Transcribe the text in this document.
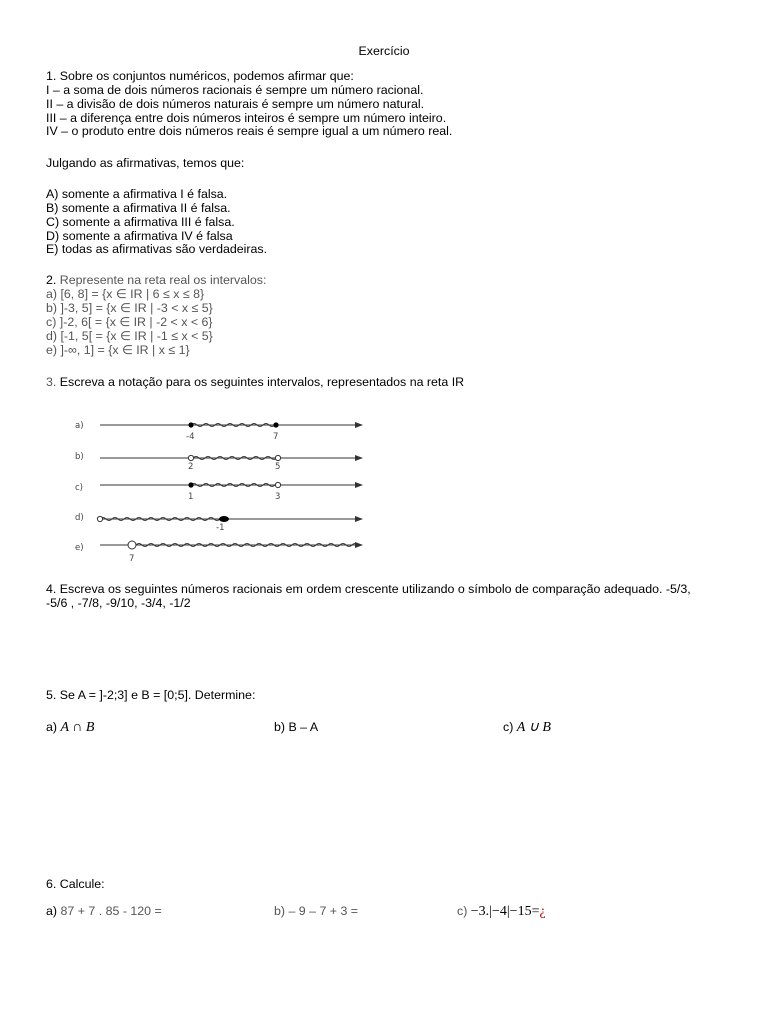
Exercício
1. Sobre os conjuntos numéricos, podemos afirmar que:
I – a soma de dois números racionais é sempre um número racional.
II – a divisão de dois números naturais é sempre um número natural.
III – a diferença entre dois números inteiros é sempre um número inteiro.
IV – o produto entre dois números reais é sempre igual a um número real.
Julgando as afirmativas, temos que:
A) somente a afirmativa I é falsa.
B) somente a afirmativa II é falsa.
C) somente a afirmativa III é falsa.
D) somente a afirmativa IV é falsa
E) todas as afirmativas são verdadeiras.
2. Represente na reta real os intervalos:
a) [6, 8] = {x ∈ IR | 6 ≤ x ≤ 8}
b) ]-3, 5] = {x ∈ IR | -3 < x ≤ 5}
c) ]-2, 6[ = {x ∈ IR | -2 < x < 6}
d) [-1, 5[ = {x ∈ IR | -1 ≤ x < 5}
e) ]-∞, 1] = {x ∈ IR | x ≤ 1}
3. Escreva a notação para os seguintes intervalos, representados na reta IR
a)
-4	7
b)
2	5
c)
1	3
d)
-1
e)
7
4. Escreva os seguintes números racionais em ordem crescente utilizando o símbolo de comparação adequado. -5/3,
-5/6 , -7/8, -9/10, -3/4, -1/2
5. Se A = ]-2;3] e B = [0;5]. Determine:
a) A ∩ B	b) B – A	c) A ∪ B
6. Calcule:
a) 87 + 7 . 85 - 120 =	b) – 9 – 7 + 3 =	c) −3.|−4|−15=¿
